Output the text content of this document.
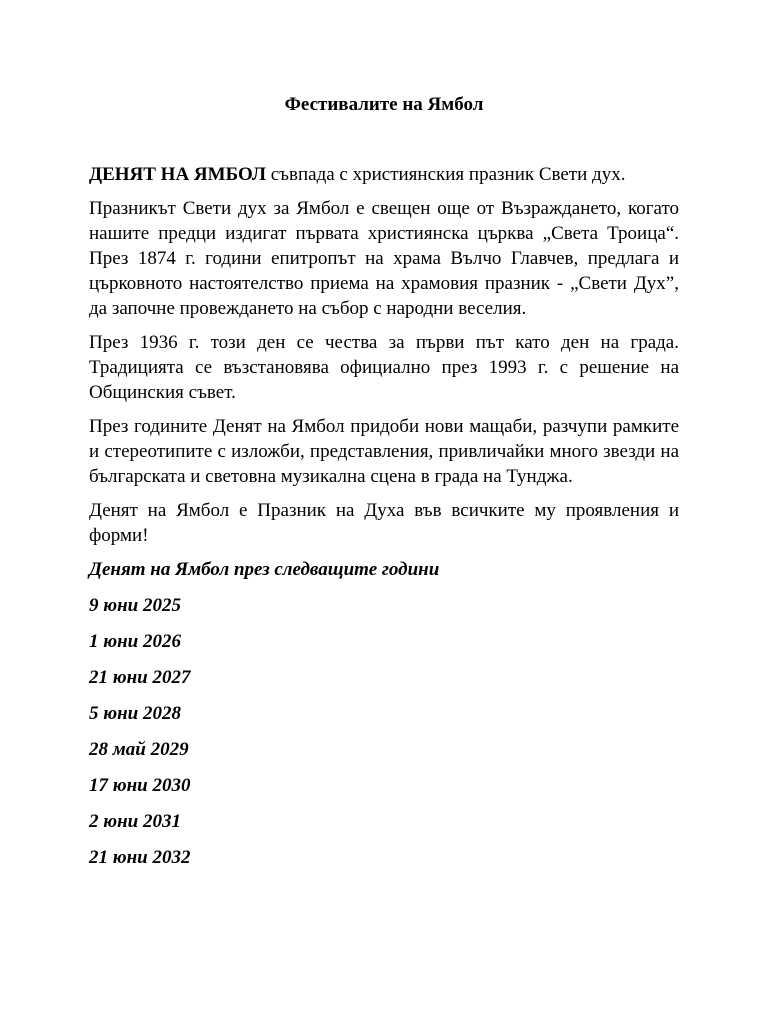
Фестивалите на Ямбол

ДЕНЯТ НА ЯМБОЛ съвпада с християнския празник Свети дух.

Празникът Свети дух за Ямбол е свещен още от Възраждането, когато нашите предци издигат първата християнска църква „Света Троица“. През 1874 г. години епитропът на храма Вълчо Главчев, предлага и църковното настоятелство приема на храмовия празник - „Свети Дух”, да започне провеждането на събор с народни веселия.

През 1936 г. този ден се чества за първи път като ден на града. Традицията се възстановява официално през 1993 г. с решение на Общинския съвет.

През годините Денят на Ямбол придоби нови мащаби, разчупи рамките и стереотипите с изложби, представления, привличайки много звезди на българската и световна музикална сцена в града на Тунджа.

Денят на Ямбол е Празник на Духа във всичките му проявления и форми!

Денят на Ямбол през следващите години

9 юни 2025
1 юни 2026
21 юни 2027
5 юни 2028
28 май 2029
17 юни 2030
2 юни 2031
21 юни 2032
